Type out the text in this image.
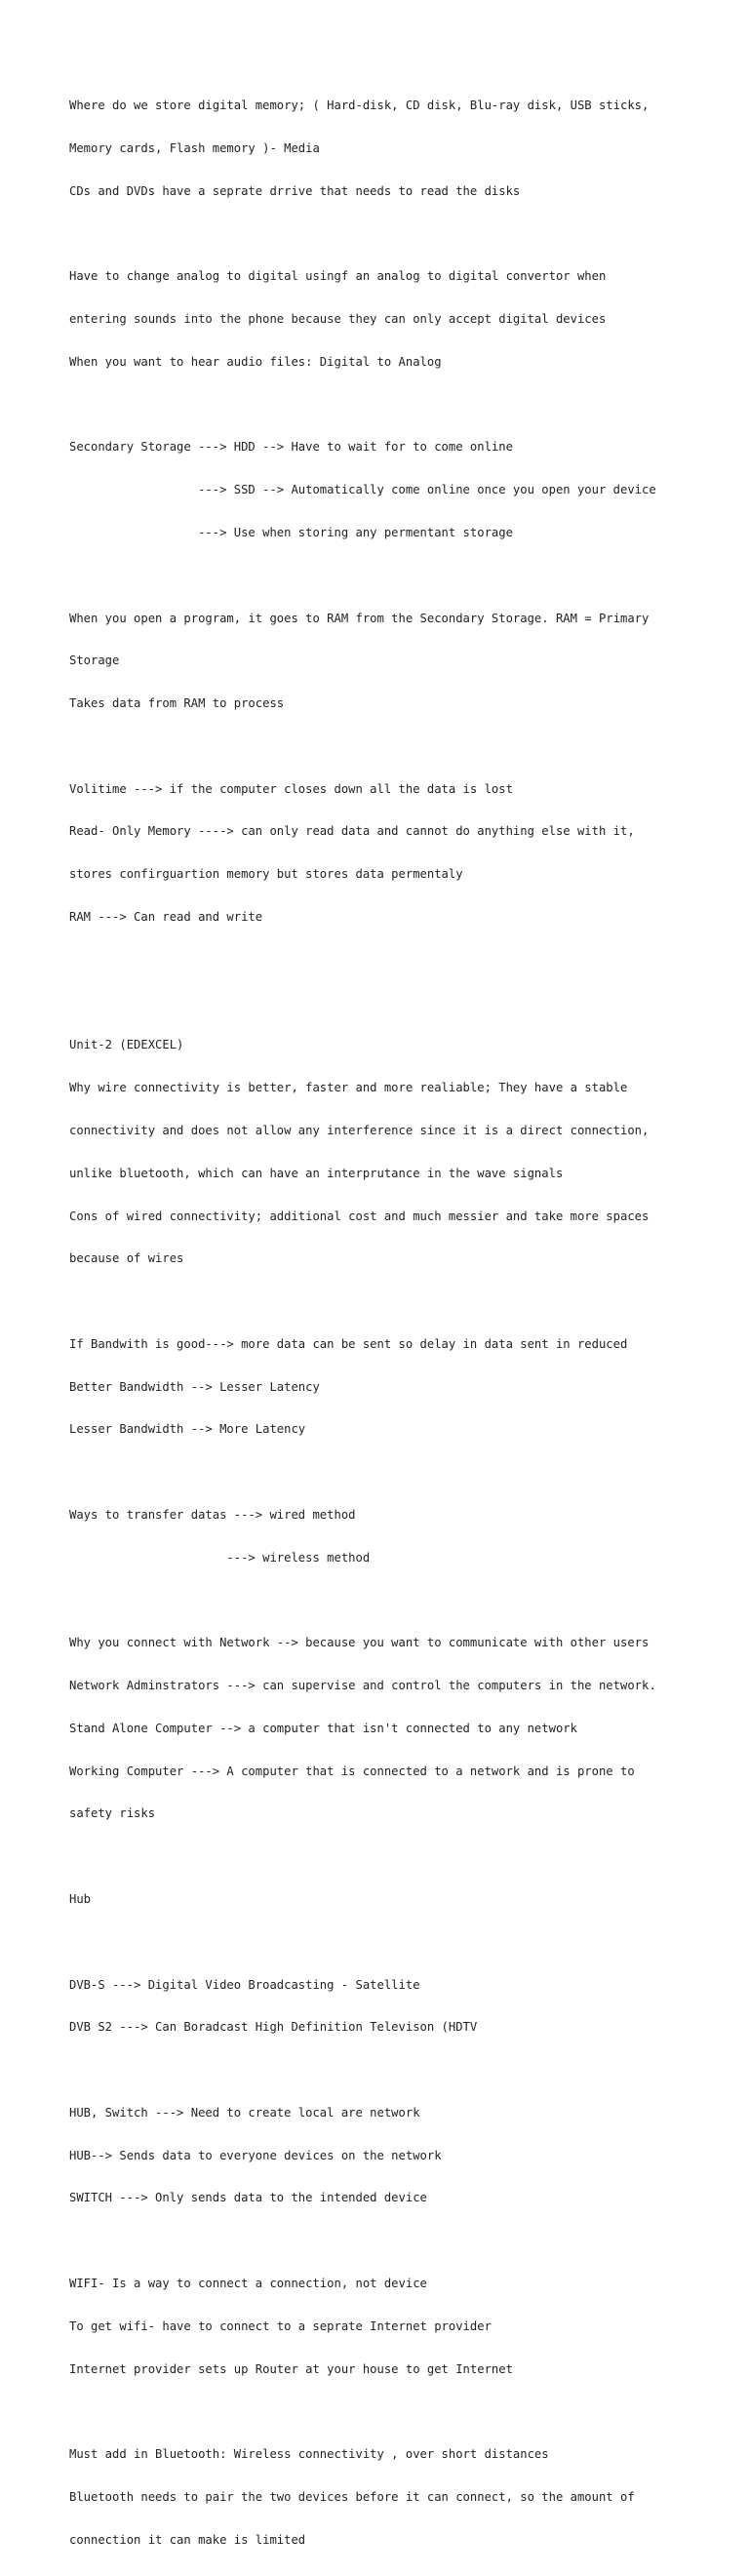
Where do we store digital memory; ( Hard-disk, CD disk, Blu-ray disk, USB sticks,

Memory cards, Flash memory )- Media

CDs and DVDs have a seprate drrive that needs to read the disks

Have to change analog to digital usingf an analog to digital convertor when

entering sounds into the phone because they can only accept digital devices

When you want to hear audio files: Digital to Analog

Secondary Storage ---> HDD --> Have to wait for to come online

---> SSD --> Automatically come online once you open your device

---> Use when storing any permentant storage

When you open a program, it goes to RAM from the Secondary Storage. RAM = Primary

Storage

Takes data from RAM to process

Volitime ---> if the computer closes down all the data is lost

Read- Only Memory ----> can only read data and cannot do anything else with it,

stores confirguartion memory but stores data permentaly

RAM ---> Can read and write

Unit-2 (EDEXCEL)

Why wire connectivity is better, faster and more realiable; They have a stable

connectivity and does not allow any interference since it is a direct connection,

unlike bluetooth, which can have an interprutance in the wave signals

Cons of wired connectivity; additional cost and much messier and take more spaces

because of wires

If Bandwith is good---> more data can be sent so delay in data sent in reduced

Better Bandwidth --> Lesser Latency

Lesser Bandwidth --> More Latency

Ways to transfer datas ---> wired method

---> wireless method

Why you connect with Network --> because you want to communicate with other users

Network Adminstrators ---> can supervise and control the computers in the network.

Stand Alone Computer --> a computer that isn't connected to any network

Working Computer ---> A computer that is connected to a network and is prone to

safety risks

Hub

DVB-S ---> Digital Video Broadcasting - Satellite

DVB S2 ---> Can Boradcast High Definition Televison (HDTV

HUB, Switch ---> Need to create local are network

HUB--> Sends data to everyone devices on the network

SWITCH ---> Only sends data to the intended device

WIFI- Is a way to connect a connection, not device

To get wifi- have to connect to a seprate Internet provider

Internet provider sets up Router at your house to get Internet

Must add in Bluetooth: Wireless connectivity , over short distances

Bluetooth needs to pair the two devices before it can connect, so the amount of

connection it can make is limited
